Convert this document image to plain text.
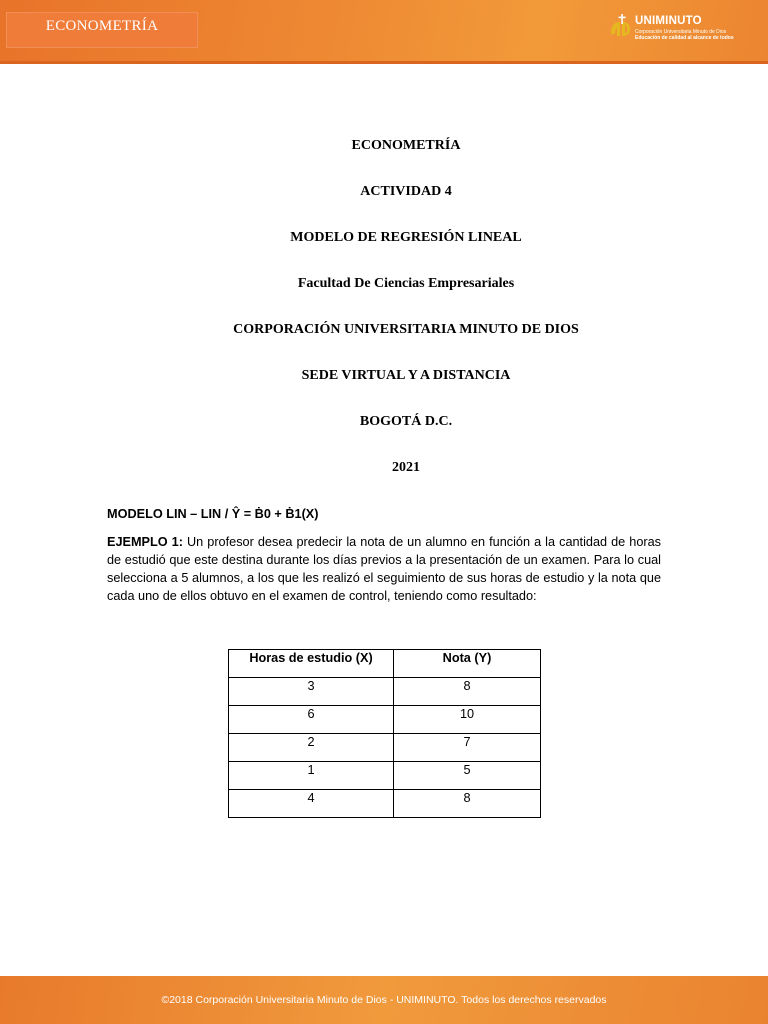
ECONOMETRÍA	UNIMINUTO
Corporación Universitaria Minuto de Dios
Educación de calidad al alcance de todos
ECONOMETRÍA
ACTIVIDAD 4
MODELO DE REGRESIÓN LINEAL
Facultad De Ciencias Empresariales
CORPORACIÓN UNIVERSITARIA MINUTO DE DIOS
SEDE VIRTUAL Y A DISTANCIA
BOGOTÁ D.C.
2021
MODELO LIN – LIN / Ŷ = Ḃ0 + Ḃ1(X)
EJEMPLO 1: Un profesor desea predecir la nota de un alumno en función a la cantidad de horas de estudió que este destina durante los días previos a la presentación de un examen. Para lo cual selecciona a 5 alumnos, a los que les realizó el seguimiento de sus horas de estudio y la nota que cada uno de ellos obtuvo en el examen de control, teniendo como resultado:
Horas de estudio (X)	Nota (Y)
3	8
6	10
2	7
1	5
4	8
©2018 Corporación Universitaria Minuto de Dios - UNIMINUTO. Todos los derechos reservados
